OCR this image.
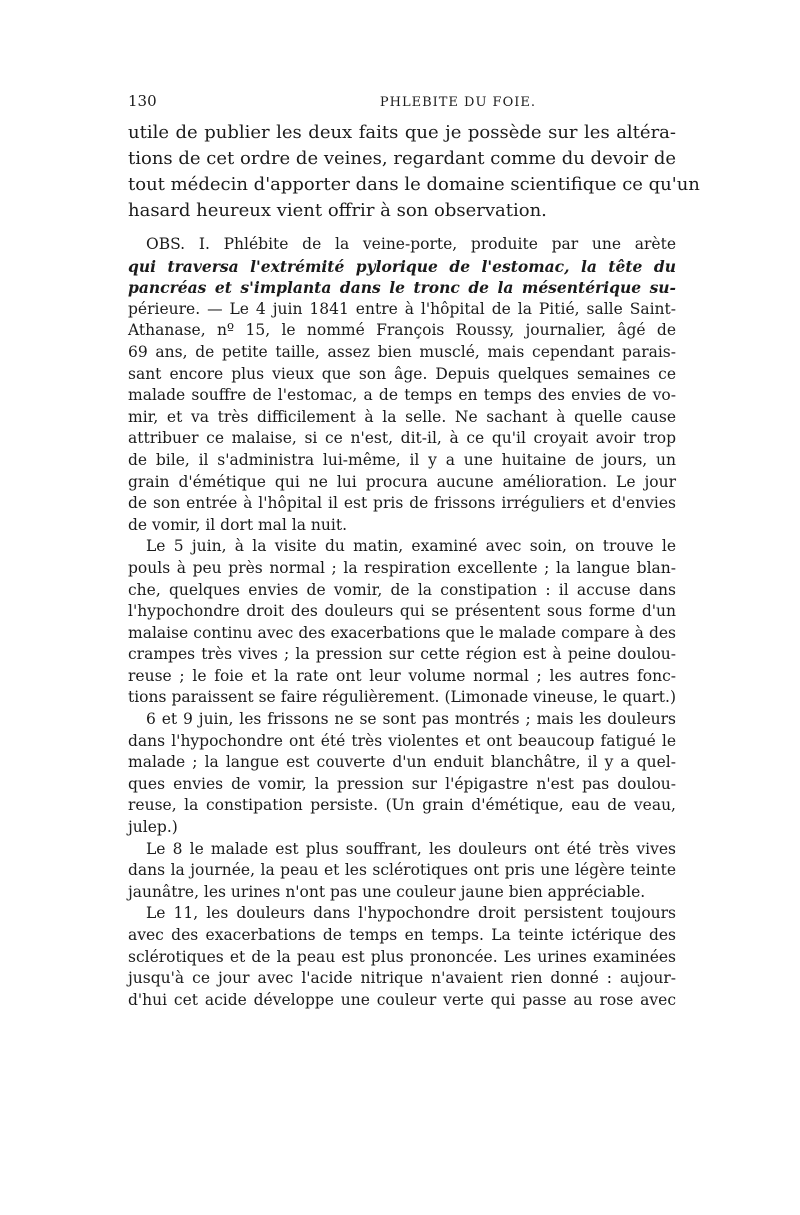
130	PHLEBITE DU FOIE.

utile de publier les deux faits que je possède sur les altéra-
tions de cet ordre de veines, regardant comme du devoir de
tout médecin d'apporter dans le domaine scientifique ce qu'un
hasard heureux vient offrir à son observation.

OBS. I. Phlébite de la veine-porte, produite par une arète
qui traversa l'extrémité pylorique de l'estomac, la tête du
pancréas et s'implanta dans le tronc de la mésentérique su-
périeure. — Le 4 juin 1841 entre à l'hôpital de la Pitié, salle Saint-
Athanase, nº 15, le nommé François Roussy, journalier, âgé de
69 ans, de petite taille, assez bien musclé, mais cependant parais-
sant encore plus vieux que son âge. Depuis quelques semaines ce
malade souffre de l'estomac, a de temps en temps des envies de vo-
mir, et va très difficilement à la selle. Ne sachant à quelle cause
attribuer ce malaise, si ce n'est, dit-il, à ce qu'il croyait avoir trop
de bile, il s'administra lui-même, il y a une huitaine de jours, un
grain d'émétique qui ne lui procura aucune amélioration. Le jour
de son entrée à l'hôpital il est pris de frissons irréguliers et d'envies
de vomir, il dort mal la nuit.
Le 5 juin, à la visite du matin, examiné avec soin, on trouve le
pouls à peu près normal ; la respiration excellente ; la langue blan-
che, quelques envies de vomir, de la constipation : il accuse dans
l'hypochondre droit des douleurs qui se présentent sous forme d'un
malaise continu avec des exacerbations que le malade compare à des
crampes très vives ; la pression sur cette région est à peine doulou-
reuse ; le foie et la rate ont leur volume normal ; les autres fonc-
tions paraissent se faire régulièrement. (Limonade vineuse, le quart.)
6 et 9 juin, les frissons ne se sont pas montrés ; mais les douleurs
dans l'hypochondre ont été très violentes et ont beaucoup fatigué le
malade ; la langue est couverte d'un enduit blanchâtre, il y a quel-
ques envies de vomir, la pression sur l'épigastre n'est pas doulou-
reuse, la constipation persiste. (Un grain d'émétique, eau de veau,
julep.)
Le 8 le malade est plus souffrant, les douleurs ont été très vives
dans la journée, la peau et les sclérotiques ont pris une légère teinte
jaunâtre, les urines n'ont pas une couleur jaune bien appréciable.
Le 11, les douleurs dans l'hypochondre droit persistent toujours
avec des exacerbations de temps en temps. La teinte ictérique des
sclérotiques et de la peau est plus prononcée. Les urines examinées
jusqu'à ce jour avec l'acide nitrique n'avaient rien donné : aujour-
d'hui cet acide développe une couleur verte qui passe au rose avec
